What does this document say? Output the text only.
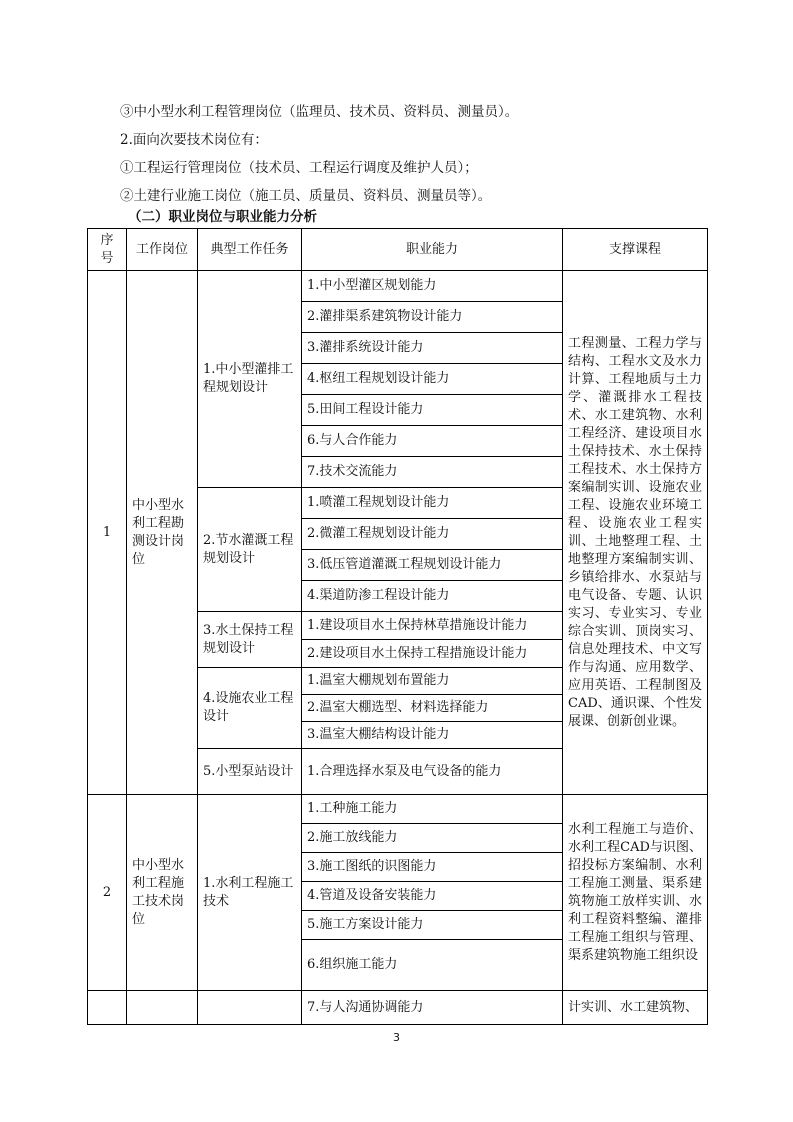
③中小型水利工程管理岗位（监理员、技术员、资料员、测量员）。

2.面向次要技术岗位有：

①工程运行管理岗位（技术员、工程运行调度及维护人员）；

②土建行业施工岗位（施工员、质量员、资料员、测量员等）。

（二）职业岗位与职业能力分析

序号	工作岗位	典型工作任务	职业能力	支撑课程
1	中小型水利工程勘测设计岗位	1.中小型灌排工程规划设计	1.中小型灌区规划能力	工程测量、工程力学与结构、工程水文及水力计算、工程地质与土力学、灌溉排水工程技术、水工建筑物、水利工程经济、建设项目水土保持技术、水土保持工程技术、水土保持方案编制实训、设施农业工程、设施农业环境工程、设施农业工程实训、土地整理工程、土地整理方案编制实训、乡镇给排水、水泵站与电气设备、专题、认识实习、专业实习、专业综合实训、顶岗实习、信息处理技术、中文写作与沟通、应用数学、应用英语、工程制图及CAD、通识课、个性发展课、创新创业课。
			2.灌排渠系建筑物设计能力	
			3.灌排系统设计能力	
			4.枢纽工程规划设计能力	
			5.田间工程设计能力	
			6.与人合作能力	
			7.技术交流能力	
		2.节水灌溉工程规划设计	1.喷灌工程规划设计能力	
			2.微灌工程规划设计能力	
			3.低压管道灌溉工程规划设计能力	
			4.渠道防渗工程设计能力	
		3.水土保持工程规划设计	1.建设项目水土保持林草措施设计能力	
			2.建设项目水土保持工程措施设计能力	
		4.设施农业工程设计	1.温室大棚规划布置能力	
			2.温室大棚选型、材料选择能力	
			3.温室大棚结构设计能力	
		5.小型泵站设计	1.合理选择水泵及电气设备的能力	
2	中小型水利工程施工技术岗位	1.水利工程施工技术	1.工种施工能力	水利工程施工与造价、水利工程CAD与识图、招投标方案编制、水利工程施工测量、渠系建筑物施工放样实训、水利工程资料整编、灌排工程施工组织与管理、渠系建筑物施工组织设
			2.施工放线能力	
			3.施工图纸的识图能力	
			4.管道及设备安装能力	
			5.施工方案设计能力	
			6.组织施工能力	
			7.与人沟通协调能力	计实训、水工建筑物、

3
